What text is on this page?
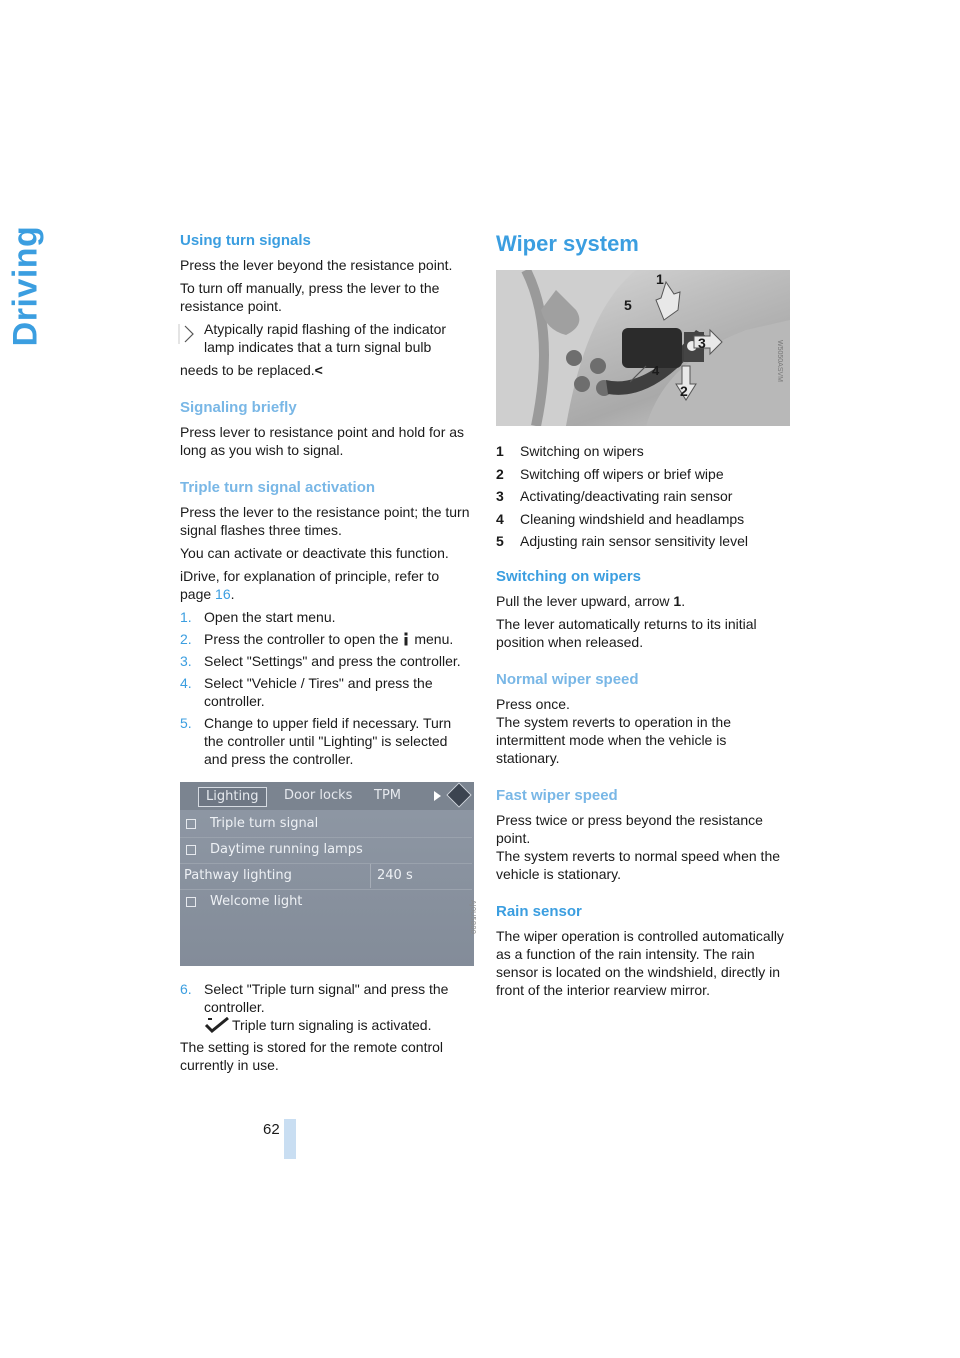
Driving	Using turn signals

Press the lever beyond the resistance point.

To turn off manually, press the lever to the resistance point.

Atypically rapid flashing of the indicator lamp indicates that a turn signal bulb

needs to be replaced.<

Signaling briefly

Press lever to resistance point and hold for as long as you wish to signal.

Triple turn signal activation

Press the lever to the resistance point; the turn signal flashes three times.

You can activate or deactivate this function.

iDrive, for explanation of principle, refer to page 16.

1. Open the start menu.
2. Press the controller to open the  menu.
3. Select "Settings" and press the controller.
4. Select "Vehicle / Tires" and press the controller.
5. Change to upper field if necessary. Turn the controller until "Lighting" is selected and press the controller.
Lighting	Door locks TPM
Triple turn signal
Daytime running lamps
Pathway lighting	240 s
Welcome light	AJ0U5800
6. Select "Triple turn signal" and press the controller.
Triple turn signaling is activated.

The setting is stored for the remote control currently in use.

Wiper system
1
2
3
4
5
W5050ASVM
1 Switching on wipers
2 Switching off wipers or brief wipe
3 Activating/deactivating rain sensor
4 Cleaning windshield and headlamps
5 Adjusting rain sensor sensitivity level
Switching on wipers

Pull the lever upward, arrow 1.

The lever automatically returns to its initial position when released.

Normal wiper speed

Press once.

The system reverts to operation in the intermittent mode when the vehicle is stationary.

Fast wiper speed

Press twice or press beyond the resistance point.

The system reverts to normal speed when the vehicle is stationary.

Rain sensor

The wiper operation is controlled automatically as a function of the rain intensity. The rain sensor is located on the windshield, directly in front of the interior rearview mirror.

62
